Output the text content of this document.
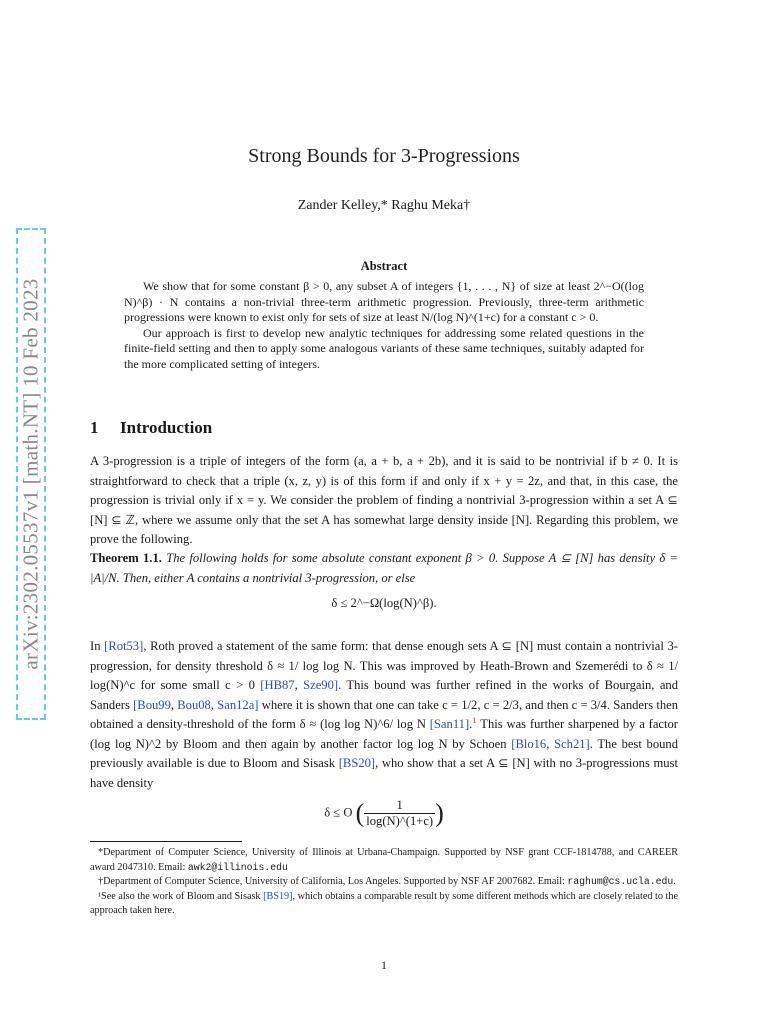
arXiv:2302.05537v1 [math.NT] 10 Feb 2023
Strong Bounds for 3-Progressions
Zander Kelley,* Raghu Meka†
Abstract

We show that for some constant β > 0, any subset A of integers {1, . . . , N} of size at least 2^−O((log N)^β) · N contains a non-trivial three-term arithmetic progression. Previously, three-term arithmetic progressions were known to exist only for sets of size at least N/(log N)^(1+c) for a constant c > 0.

Our approach is first to develop new analytic techniques for addressing some related questions in the finite-field setting and then to apply some analogous variants of these same techniques, suitably adapted for the more complicated setting of integers.

1 Introduction

A 3-progression is a triple of integers of the form (a, a + b, a + 2b), and it is said to be nontrivial if b ≠ 0. It is straightforward to check that a triple (x, z, y) is of this form if and only if x + y = 2z, and that, in this case, the progression is trivial only if x = y. We consider the problem of finding a nontrivial 3-progression within a set A ⊆ [N] ⊆ ℤ, where we assume only that the set A has somewhat large density inside [N]. Regarding this problem, we prove the following.

Theorem 1.1. The following holds for some absolute constant exponent β > 0. Suppose A ⊆ [N] has density δ = |A|/N. Then, either A contains a nontrivial 3-progression, or else

δ ≤ 2^−Ω(log(N)^β).

In [Rot53], Roth proved a statement of the same form: that dense enough sets A ⊆ [N] must contain a nontrivial 3-progression, for density threshold δ ≈ 1/ log log N. This was improved by Heath-Brown and Szemerédi to δ ≈ 1/ log(N)^c for some small c > 0 [HB87, Sze90]. This bound was further refined in the works of Bourgain, and Sanders [Bou99, Bou08, San12a] where it is shown that one can take c = 1/2, c = 2/3, and then c = 3/4. Sanders then obtained a density-threshold of the form δ ≈ (log log N)^6/ log N [San11].$^1$ This was further sharpened by a factor (log log N)^2 by Bloom and then again by another factor log log N by Schoen [Blo16, Sch21]. The best bound previously available is due to Bloom and Sisask [BS20], who show that a set A ⊆ [N] with no 3-progressions must have density

δ ≤ O ( $\frac{1}{\log(N)\^{}(1+c)}$ )

*Department of Computer Science, University of Illinois at Urbana-Champaign. Supported by NSF grant CCF-1814788, and CAREER award 2047310. Email: awk2@illinois.edu

†Department of Computer Science, University of California, Los Angeles. Supported by NSF AF 2007682. Email: raghum@cs.ucla.edu.

¹See also the work of Bloom and Sisask [BS19], which obtains a comparable result by some different methods which are closely related to the approach taken here.

1
